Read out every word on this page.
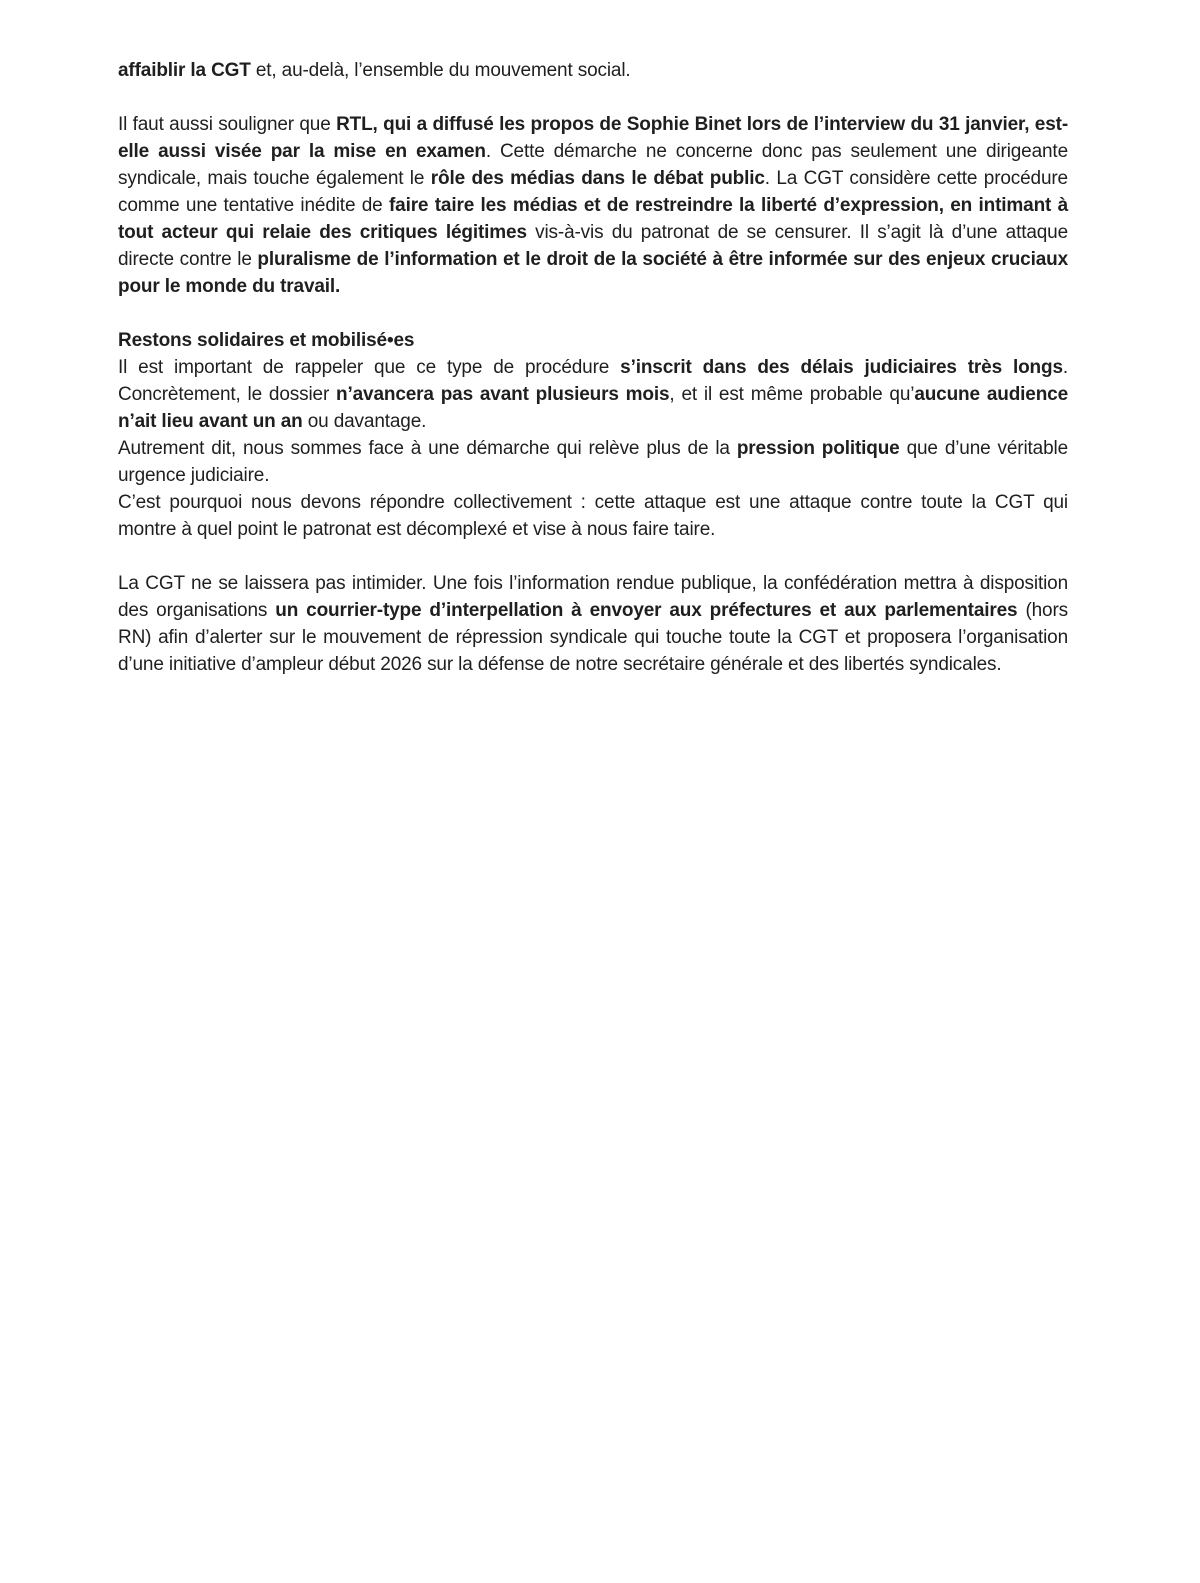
affaiblir la CGT et, au-delà, l’ensemble du mouvement social.

Il faut aussi souligner que RTL, qui a diffusé les propos de Sophie Binet lors de l’interview du 31 janvier, est-elle aussi visée par la mise en examen. Cette démarche ne concerne donc pas seulement une dirigeante syndicale, mais touche également le rôle des médias dans le débat public. La CGT considère cette procédure comme une tentative inédite de faire taire les médias et de restreindre la liberté d’expression, en intimant à tout acteur qui relaie des critiques légitimes vis-à-vis du patronat de se censurer. Il s’agit là d’une attaque directe contre le pluralisme de l’information et le droit de la société à être informée sur des enjeux cruciaux pour le monde du travail.

Restons solidaires et mobilisé•es

Il est important de rappeler que ce type de procédure s’inscrit dans des délais judiciaires très longs. Concrètement, le dossier n’avancera pas avant plusieurs mois, et il est même probable qu’aucune audience n’ait lieu avant un an ou davantage.

Autrement dit, nous sommes face à une démarche qui relève plus de la pression politique que d’une véritable urgence judiciaire.

C’est pourquoi nous devons répondre collectivement : cette attaque est une attaque contre toute la CGT qui montre à quel point le patronat est décomplexé et vise à nous faire taire.

La CGT ne se laissera pas intimider. Une fois l’information rendue publique, la confédération mettra à disposition des organisations un courrier-type d’interpellation à envoyer aux préfectures et aux parlementaires (hors RN) afin d’alerter sur le mouvement de répression syndicale qui touche toute la CGT et proposera l’organisation d’une initiative d’ampleur début 2026 sur la défense de notre secrétaire générale et des libertés syndicales.
